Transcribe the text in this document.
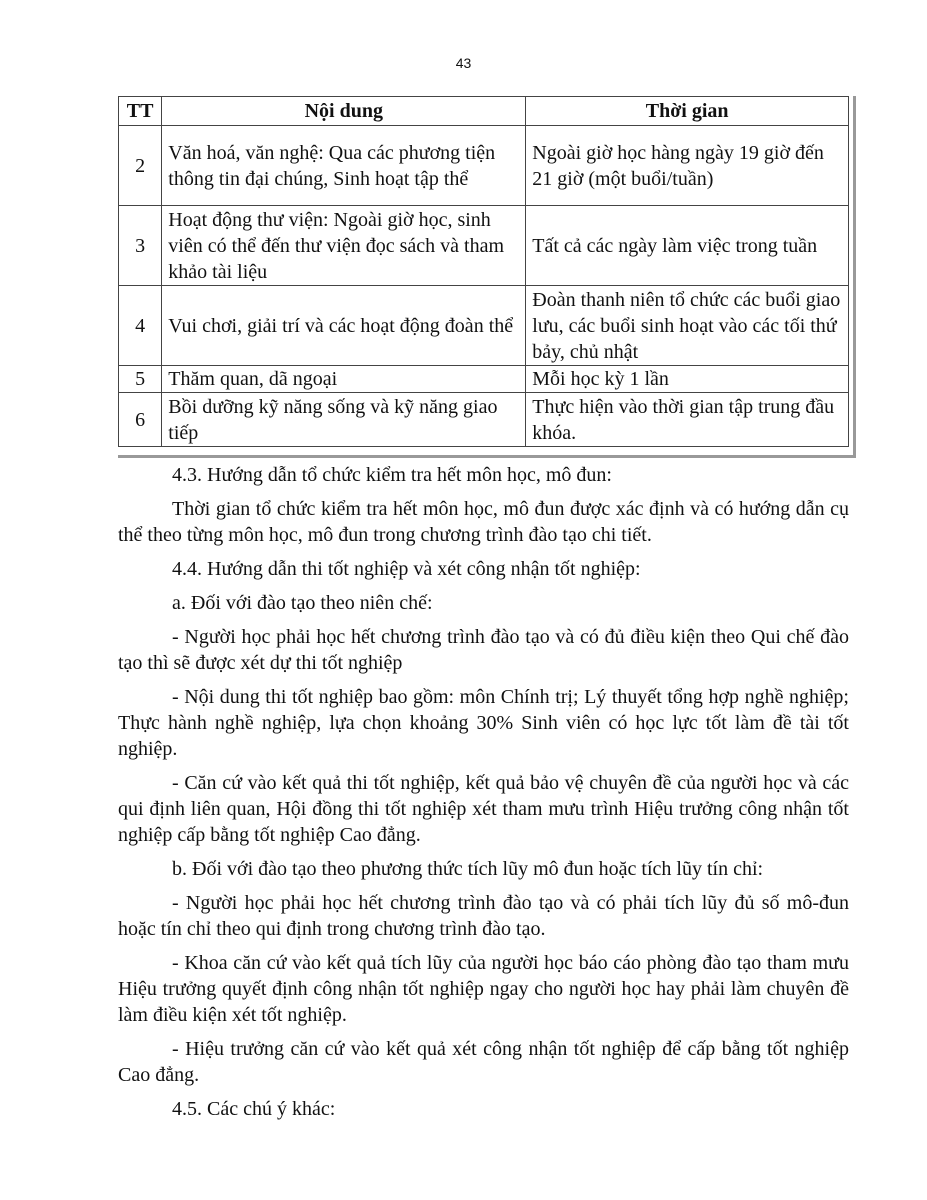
43
TT	Nội dung	Thời gian
2	Văn hoá, văn nghệ: Qua các phương tiện thông tin đại chúng, Sinh hoạt tập thể	Ngoài giờ học hàng ngày 19 giờ đến 21 giờ (một buổi/tuần)
3	Hoạt động thư viện: Ngoài giờ học, sinh viên có thể đến thư viện đọc sách và tham khảo tài liệu	Tất cả các ngày làm việc trong tuần
4	Vui chơi, giải trí và các hoạt động đoàn thể	Đoàn thanh niên tổ chức các buổi giao lưu, các buổi sinh hoạt vào các tối thứ bảy, chủ nhật
5	Thăm quan, dã ngoại	Mỗi học kỳ 1 lần
6	Bồi dưỡng kỹ năng sống và kỹ năng giao tiếp	Thực hiện vào thời gian tập trung đầu khóa.

4.3. Hướng dẫn tổ chức kiểm tra hết môn học, mô đun:

Thời gian tổ chức kiểm tra hết môn học, mô đun được xác định và có hướng dẫn cụ thể theo từng môn học, mô đun trong chương trình đào tạo chi tiết.

4.4. Hướng dẫn thi tốt nghiệp và xét công nhận tốt nghiệp:

a. Đối với đào tạo theo niên chế:

- Người học phải học hết chương trình đào tạo và có đủ điều kiện theo Qui chế đào tạo thì sẽ được xét dự thi tốt nghiệp

- Nội dung thi tốt nghiệp bao gồm: môn Chính trị; Lý thuyết tổng hợp nghề nghiệp; Thực hành nghề nghiệp, lựa chọn khoảng 30% Sinh viên có học lực tốt làm đề tài tốt nghiệp.

- Căn cứ vào kết quả thi tốt nghiệp, kết quả bảo vệ chuyên đề của người học và các qui định liên quan, Hội đồng thi tốt nghiệp xét tham mưu trình Hiệu trưởng công nhận tốt nghiệp cấp bằng tốt nghiệp Cao đẳng.

b. Đối với đào tạo theo phương thức tích lũy mô đun hoặc tích lũy tín chỉ:

- Người học phải học hết chương trình đào tạo và có phải tích lũy đủ số mô-đun hoặc tín chỉ theo qui định trong chương trình đào tạo.

- Khoa căn cứ vào kết quả tích lũy của người học báo cáo phòng đào tạo tham mưu Hiệu trưởng quyết định công nhận tốt nghiệp ngay cho người học hay phải làm chuyên đề làm điều kiện xét tốt nghiệp.

- Hiệu trưởng căn cứ vào kết quả xét công nhận tốt nghiệp để cấp bằng tốt nghiệp Cao đẳng.

4.5. Các chú ý khác:
